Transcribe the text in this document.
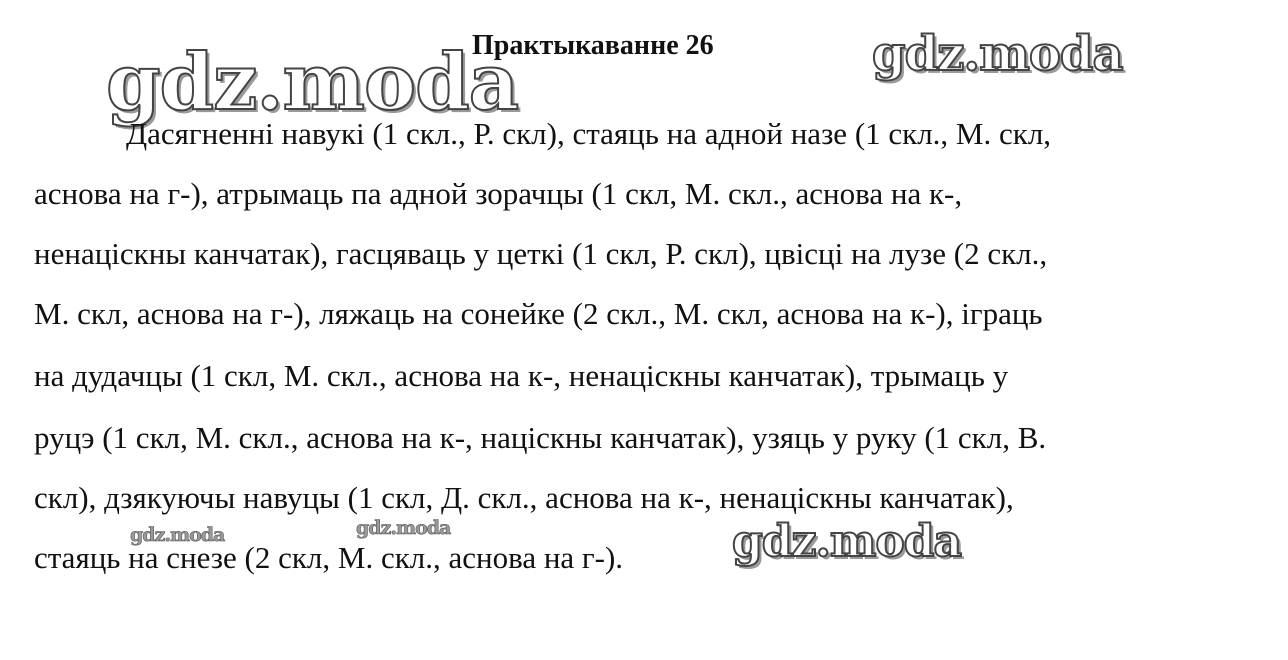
gdz.moda	gdz.moda
gdz.moda
gdz.moda	gdz.moda
Практыкаванне 26
Дасягненні навукі (1 скл., Р. скл), стаяць на адной назе (1 скл., М. скл,
аснова на г-), атрымаць па адной зорачцы (1 скл, М. скл., аснова на к-,
ненаціскны канчатак), гасцяваць у цеткі (1 скл, Р. скл), цвісці на лузе (2 скл.,
М. скл, аснова на г-), ляжаць на сонейке (2 скл., М. скл, аснова на к-), іграць
на дудачцы (1 скл, М. скл., аснова на к-, ненаціскны канчатак), трымаць у
руцэ (1 скл, М. скл., аснова на к-, націскны канчатак), узяць у руку (1 скл, В.
скл), дзякуючы навуцы (1 скл, Д. скл., аснова на к-, ненаціскны канчатак),
стаяць на снезе (2 скл, М. скл., аснова на г-).
